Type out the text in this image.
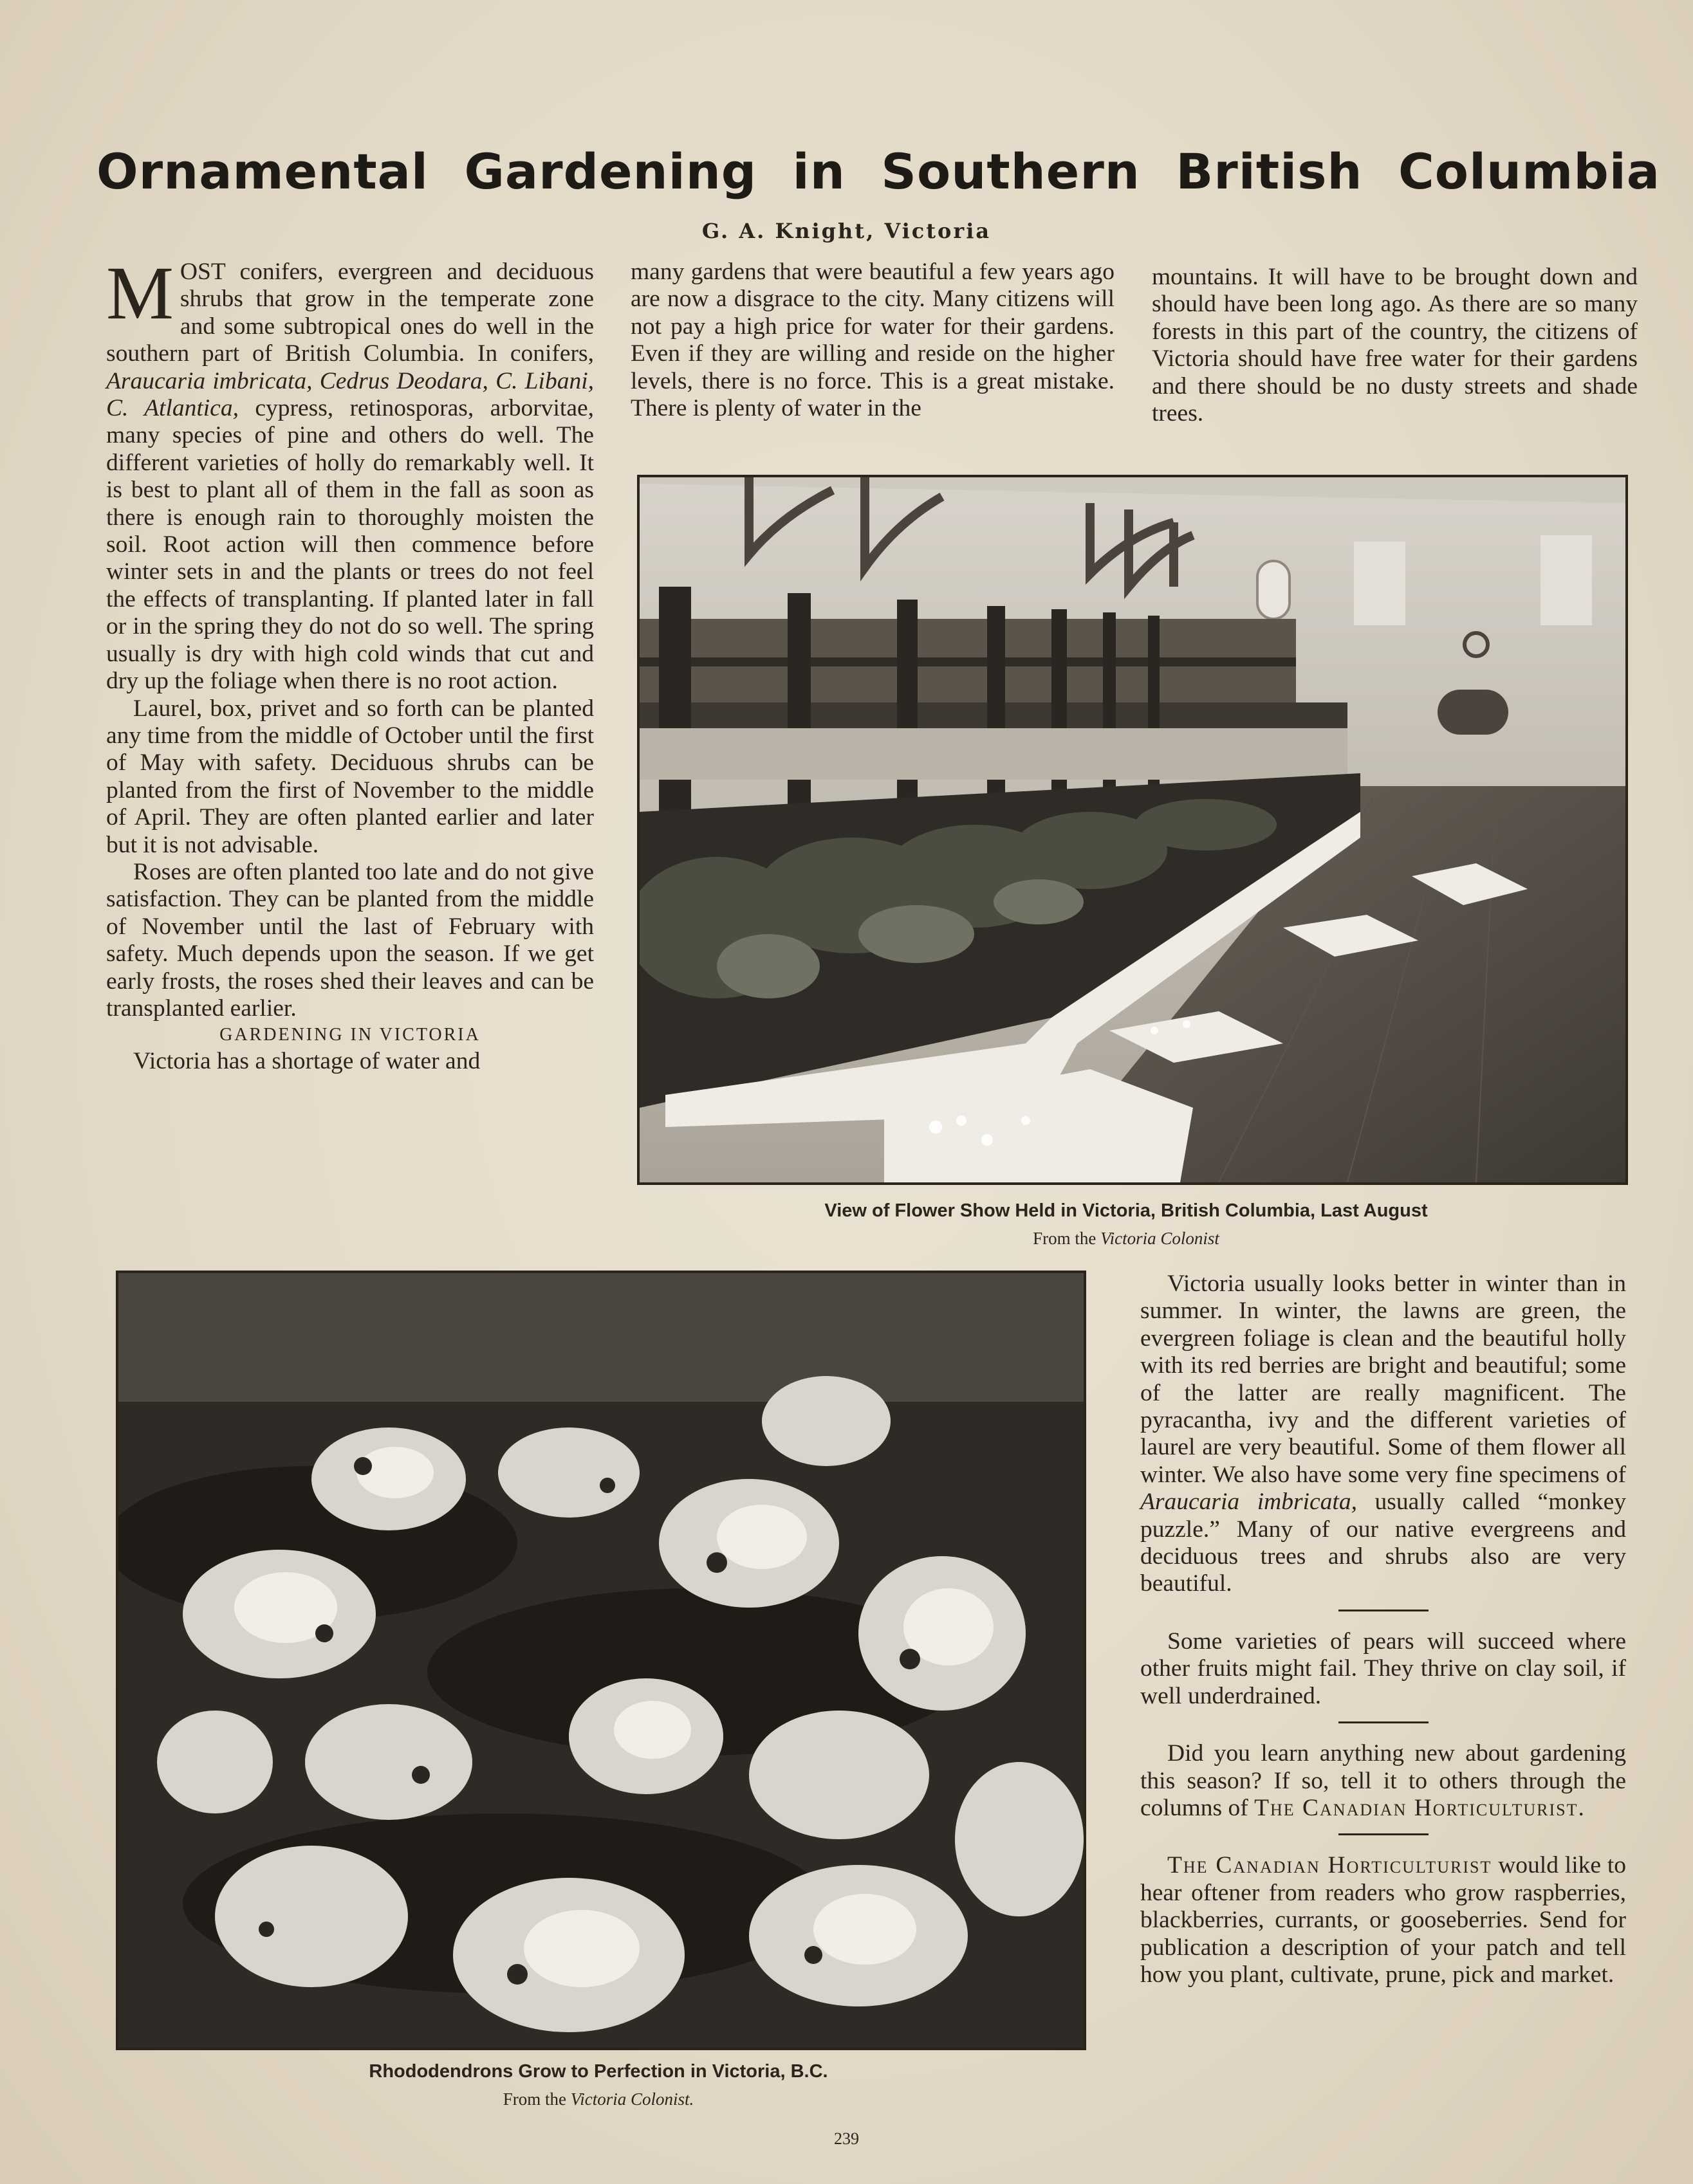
Ornamental Gardening in Southern British Columbia
G. A. Knight, Victoria

MOST conifers, evergreen and deciduous shrubs that grow in the temperate zone and some subtropical ones do well in the southern part of British Columbia. In conifers, Araucaria imbricata, Cedrus Deodara, C. Libani, C. Atlantica, cypress, retinosporas, arborvitae, many species of pine and others do well. The different varieties of holly do remarkably well. It is best to plant all of them in the fall as soon as there is enough rain to thoroughly moisten the soil. Root action will then commence before winter sets in and the plants or trees do not feel the effects of transplanting. If planted later in fall or in the spring they do not do so well. The spring usually is dry with high cold winds that cut and dry up the foliage when there is no root action.

Laurel, box, privet and so forth can be planted any time from the middle of October until the first of May with safety. Deciduous shrubs can be planted from the first of November to the middle of April. They are often planted earlier and later but it is not advisable.

Roses are often planted too late and do not give satisfaction. They can be planted from the middle of November until the last of February with safety. Much depends upon the season. If we get early frosts, the roses shed their leaves and can be transplanted earlier.

GARDENING IN VICTORIA

Victoria has a shortage of water and

many gardens that were beautiful a few years ago are now a disgrace to the city. Many citizens will not pay a high price for water for their gardens. Even if they are willing and reside on the higher levels, there is no force. This is a great mistake. There is plenty of water in the

mountains. It will have to be brought down and should have been long ago. As there are so many forests in this part of the country, the citizens of Victoria should have free water for their gardens and there should be no dusty streets and shade trees.

View of Flower Show Held in Victoria, British Columbia, Last August
From the Victoria Colonist
Rhododendrons Grow to Perfection in Victoria, B.C.
From the Victoria Colonist.

Victoria usually looks better in winter than in summer. In winter, the lawns are green, the evergreen foliage is clean and the beautiful holly with its red berries are bright and beautiful; some of the latter are really magnificent. The pyracantha, ivy and the different varieties of laurel are very beautiful. Some of them flower all winter. We also have some very fine specimens of Araucaria imbricata, usually called “monkey puzzle.” Many of our native evergreens and deciduous trees and shrubs also are very beautiful.

Some varieties of pears will succeed where other fruits might fail. They thrive on clay soil, if well underdrained.

Did you learn anything new about gardening this season? If so, tell it to others through the columns of The Canadian Horticulturist.

The Canadian Horticulturist would like to hear oftener from readers who grow raspberries, blackberries, currants, or gooseberries. Send for publication a description of your patch and tell how you plant, cultivate, prune, pick and market.

239
